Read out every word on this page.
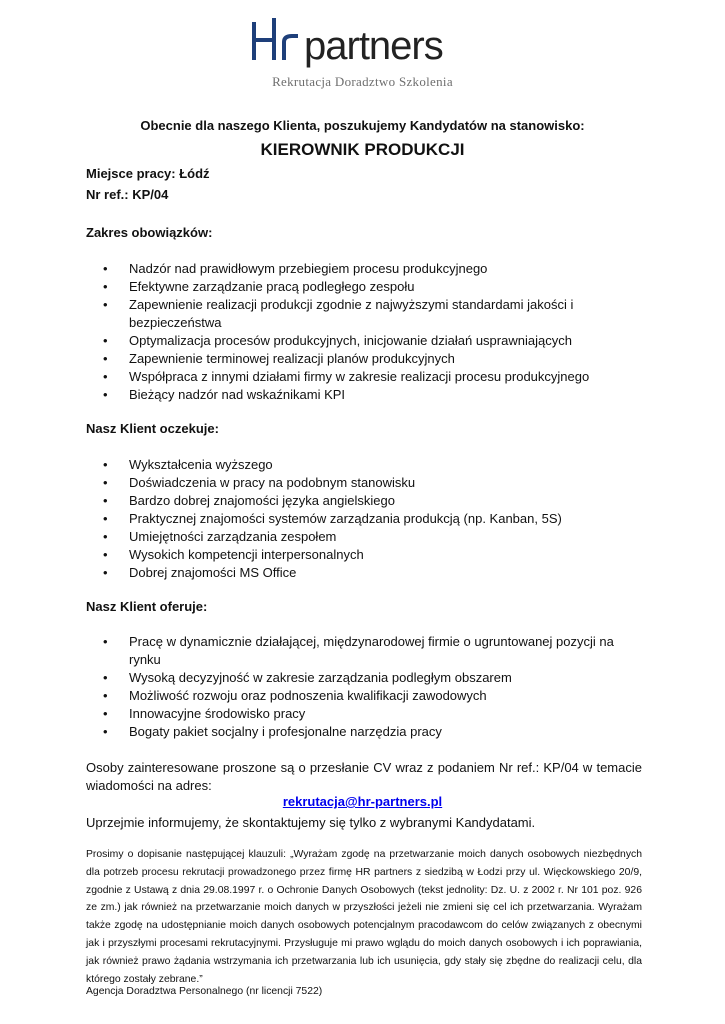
partners
Rekrutacja Doradztwo Szkolenia
Obecnie dla naszego Klienta, poszukujemy Kandydatów na stanowisko:
KIEROWNIK PRODUKCJI
Miejsce pracy: Łódź
Nr ref.: KP/04
Zakres obowiązków:
• Nadzór nad prawidłowym przebiegiem procesu produkcyjnego
• Efektywne zarządzanie pracą podległego zespołu
• Zapewnienie realizacji produkcji zgodnie z najwyższymi standardami jakości i bezpieczeństwa
• Optymalizacja procesów produkcyjnych, inicjowanie działań usprawniających
• Zapewnienie terminowej realizacji planów produkcyjnych
• Współpraca z innymi działami firmy w zakresie realizacji procesu produkcyjnego
• Bieżący nadzór nad wskaźnikami KPI
Nasz Klient oczekuje:
• Wykształcenia wyższego
• Doświadczenia w pracy na podobnym stanowisku
• Bardzo dobrej znajomości języka angielskiego
• Praktycznej znajomości systemów zarządzania produkcją (np. Kanban, 5S)
• Umiejętności zarządzania zespołem
• Wysokich kompetencji interpersonalnych
• Dobrej znajomości MS Office
Nasz Klient oferuje:
• Pracę w dynamicznie działającej, międzynarodowej firmie o ugruntowanej pozycji na rynku
• Wysoką decyzyjność w zakresie zarządzania podległym obszarem
• Możliwość rozwoju oraz podnoszenia kwalifikacji zawodowych
• Innowacyjne środowisko pracy
• Bogaty pakiet socjalny i profesjonalne narzędzia pracy
Osoby zainteresowane proszone są o przesłanie CV wraz z podaniem Nr ref.: KP/04 w temacie wiadomości na adres:
rekrutacja@hr-partners.pl
Uprzejmie informujemy, że skontaktujemy się tylko z wybranymi Kandydatami.
Prosimy o dopisanie następującej klauzuli: „Wyrażam zgodę na przetwarzanie moich danych osobowych niezbędnych dla potrzeb procesu rekrutacji prowadzonego przez firmę HR partners z siedzibą w Łodzi przy ul. Więckowskiego 20/9, zgodnie z Ustawą z dnia 29.08.1997 r. o Ochronie Danych Osobowych (tekst jednolity: Dz. U. z 2002 r. Nr 101 poz. 926 ze zm.) jak również na przetwarzanie moich danych w przyszłości jeżeli nie zmieni się cel ich przetwarzania. Wyrażam także zgodę na udostępnianie moich danych osobowych potencjalnym pracodawcom do celów związanych z obecnymi jak i przyszłymi procesami rekrutacyjnymi. Przysługuje mi prawo wglądu do moich danych osobowych i ich poprawiania, jak również prawo żądania wstrzymania ich przetwarzania lub ich usunięcia, gdy stały się zbędne do realizacji celu, dla którego zostały zebrane.”
Agencja Doradztwa Personalnego (nr licencji 7522)
